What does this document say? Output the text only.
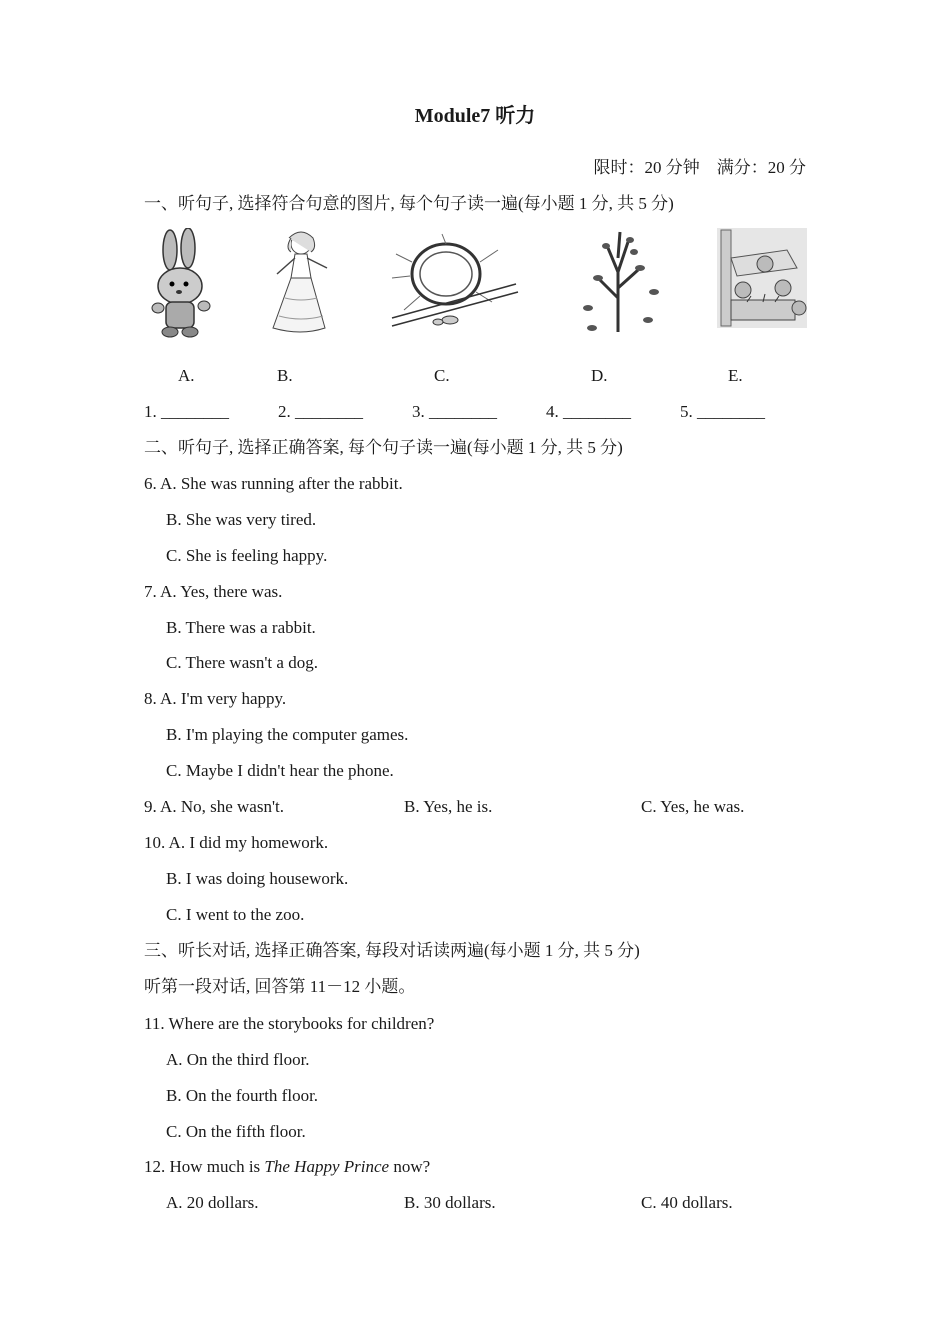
Module7 听力
限时：20 分钟    满分：20 分
一、听句子, 选择符合句意的图片, 每个句子读一遍(每小题 1 分, 共 5 分)
A.	B.	C.	D.	E.
1. ________	2. ________	3. ________	4. ________	5. ________
二、听句子, 选择正确答案, 每个句子读一遍(每小题 1 分, 共 5 分)
6. A. She was running after the rabbit.
B. She was very tired.
C. She is feeling happy.
7. A. Yes, there was.
B. There was a rabbit.
C. There wasn't a dog.
8. A. I'm very happy.
B. I'm playing the computer games.
C. Maybe I didn't hear the phone.
9. A. No, she wasn't.	B. Yes, he is.	C. Yes, he was.
10. A. I did my homework.
B. I was doing housework.
C. I went to the zoo.
三、听长对话, 选择正确答案, 每段对话读两遍(每小题 1 分, 共 5 分)
听第一段对话, 回答第 11－12 小题。
11. Where are the storybooks for children?
A. On the third floor.
B. On the fourth floor.
C. On the fifth floor.
12. How much is The Happy Prince now?
A. 20 dollars.	B. 30 dollars.	C. 40 dollars.
